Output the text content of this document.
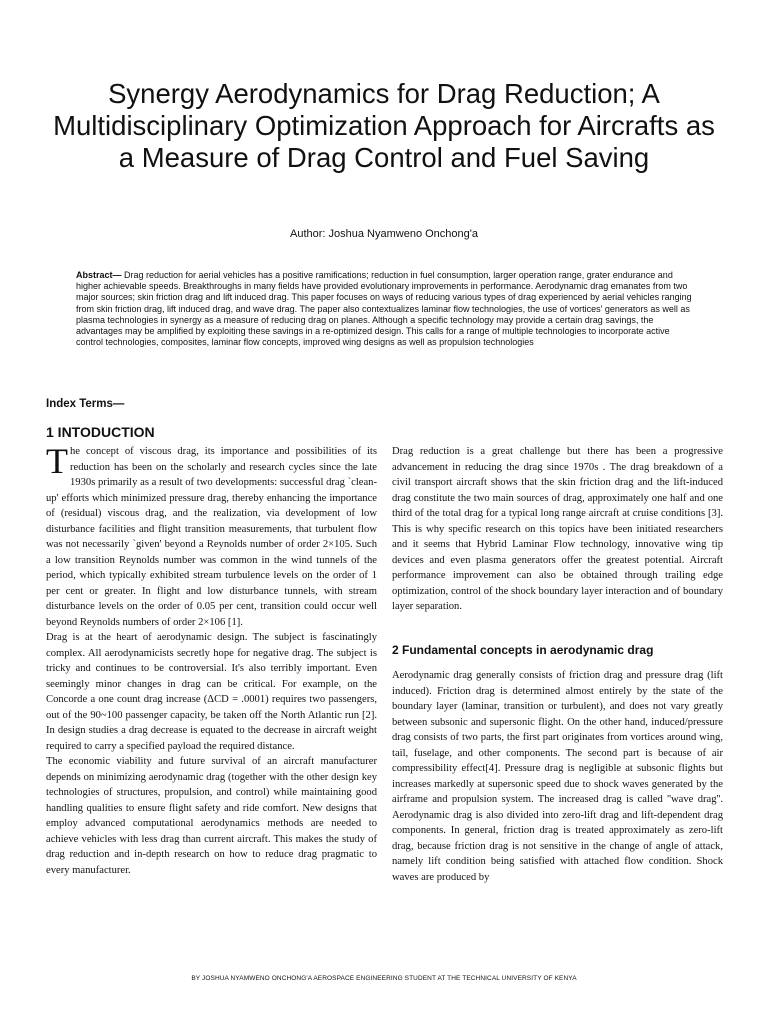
Synergy Aerodynamics for Drag Reduction; A Multidisciplinary Optimization Approach for Aircrafts as a Measure of Drag Control and Fuel Saving
Author: Joshua Nyamweno Onchong'a
Abstract— Drag reduction for aerial vehicles has a positive ramifications; reduction in fuel consumption, larger operation range, grater endurance and higher achievable speeds. Breakthroughs in many fields have provided evolutionary improvements in performance. Aerodynamic drag emanates from two major sources; skin friction drag and lift induced drag. This paper focuses on ways of reducing various types of drag experienced by aerial vehicles ranging from skin friction drag, lift induced drag, and wave drag. The paper also contextualizes laminar flow technologies, the use of vortices' generators as well as plasma technologies in synergy as a measure of reducing drag on planes. Although a specific technology may provide a certain drag savings, the advantages may be amplified by exploiting these savings in a re-optimized design. This calls for a range of multiple technologies to incorporate active control technologies, composites, laminar flow concepts, improved wing designs as well as propulsion technologies
Index Terms—
1 INTODUCTION

The concept of viscous drag, its importance and possibilities of its reduction has been on the scholarly and research cycles since the late 1930s primarily as a result of two developments: successful drag `clean-up' efforts which minimized pressure drag, thereby enhancing the importance of (residual) viscous drag, and the realization, via development of low disturbance facilities and flight transition measurements, that turbulent flow was not necessarily `given' beyond a Reynolds number of order 2×105. Such a low transition Reynolds number was common in the wind tunnels of the period, which typically exhibited stream turbulence levels on the order of 1 per cent or greater. In flight and low disturbance tunnels, with stream disturbance levels on the order of 0.05 per cent, transition could occur well beyond Reynolds numbers of order 2×106 [1].

Drag is at the heart of aerodynamic design. The subject is fascinatingly complex. All aerodynamicists secretly hope for negative drag. The subject is tricky and continues to be controversial. It's also terribly important. Even seemingly minor changes in drag can be critical. For example, on the Concorde a one count drag increase (ΔCD = .0001) requires two passengers, out of the 90~100 passenger capacity, be taken off the North Atlantic run [2]. In design studies a drag decrease is equated to the decrease in aircraft weight required to carry a specified payload the required distance.

The economic viability and future survival of an aircraft manufacturer depends on minimizing aerodynamic drag (together with the other design key technologies of structures, propulsion, and control) while maintaining good handling qualities to ensure flight safety and ride comfort. New designs that employ advanced computational aerodynamics methods are needed to achieve vehicles with less drag than current aircraft. This makes the study of drag reduction and in-depth research on how to reduce drag pragmatic to every manufacturer.

Drag reduction is a great challenge but there has been a progressive advancement in reducing the drag since 1970s . The drag breakdown of a civil transport aircraft shows that the skin friction drag and the lift-induced drag constitute the two main sources of drag, approximately one half and one third of the total drag for a typical long range aircraft at cruise conditions [3]. This is why specific research on this topics have been initiated researchers and it seems that Hybrid Laminar Flow technology, innovative wing tip devices and even plasma generators offer the greatest potential. Aircraft performance improvement can also be obtained through trailing edge optimization, control of the shock boundary layer interaction and of boundary layer separation.

2 Fundamental concepts in aerodynamic drag

Aerodynamic drag generally consists of friction drag and pressure drag (lift induced). Friction drag is determined almost entirely by the state of the boundary layer (laminar, transition or turbulent), and does not vary greatly between subsonic and supersonic flight. On the other hand, induced/pressure drag consists of two parts, the first part originates from vortices around wing, tail, fuselage, and other components. The second part is because of air compressibility effect[4]. Pressure drag is negligible at subsonic flights but increases markedly at supersonic speed due to shock waves generated by the airframe and propulsion system. The increased drag is called ''wave drag''. Aerodynamic drag is also divided into zero-lift drag and lift-dependent drag components. In general, friction drag is treated approximately as zero-lift drag, because friction drag is not sensitive in the change of angle of attack, namely lift condition being satisfied with attached flow condition. Shock waves are produced by

BY JOSHUA NYAMWENO ONCHONG'A AEROSPACE ENGINEERING STUDENT AT THE TECHNICAL UNIVERSITY OF KENYA
